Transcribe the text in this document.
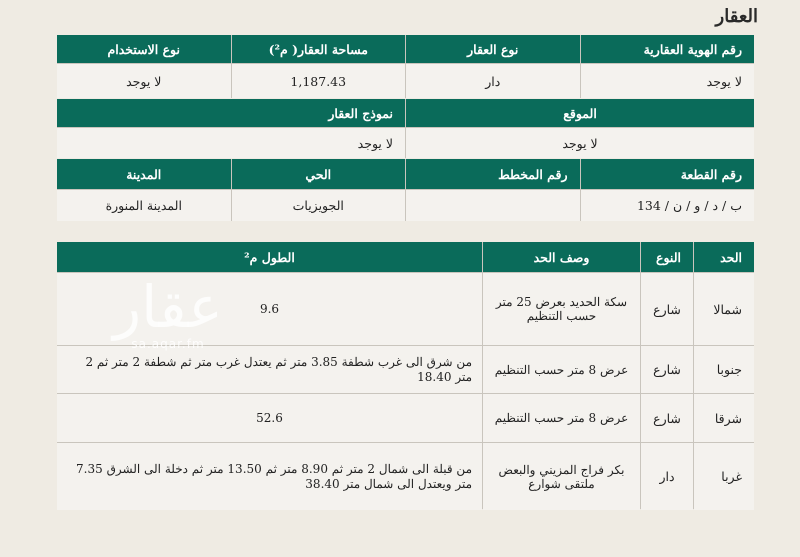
العقار
رقم الهوية العقارية
نوع العقار
مساحة العقار( م²)
نوع الاستخدام
لا يوجد
دار
1,187.43
لا يوجد
الموقع
نموذج العقار
لا يوجد
لا يوجد
رقم القطعة
رقم المخطط
الحي
المدينة
ب / د / و / ن / 134
الجويزيات
المدينة المنورة
الحد
النوع
وصف الحد
الطول م²
شمالا
شارع
سكة الحديد بعرض 25 متر حسب التنظيم
9.6
جنوبا
شارع
عرض 8 متر حسب التنظيم
من شرق الى غرب شطفة 3.85 متر ثم يعتدل غرب متر ثم شطفة 2 متر ثم 2 متر 18.40
شرقا
شارع
عرض 8 متر حسب التنظيم
52.6
غربا
دار
بكر فراج المزيني والبعض ملتقى شوارع
من قبلة الى شمال 2 متر ثم 8.90 متر ثم 13.50 متر ثم دخلة الى الشرق 7.35 متر ويعتدل الى شمال متر 38.40
عقار
sa.aqar.fm
